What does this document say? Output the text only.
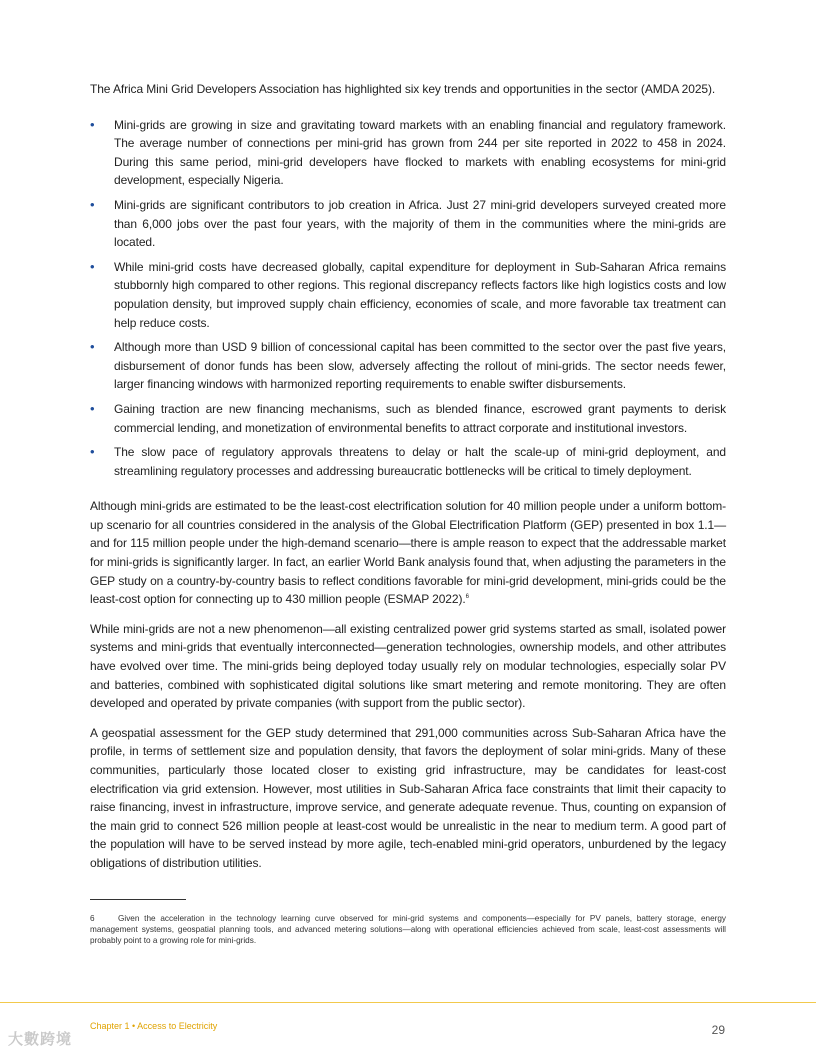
The Africa Mini Grid Developers Association has highlighted six key trends and opportunities in the sector (AMDA 2025).

• Mini-grids are growing in size and gravitating toward markets with an enabling financial and regulatory framework. The average number of connections per mini-grid has grown from 244 per site reported in 2022 to 458 in 2024. During this same period, mini-grid developers have flocked to markets with enabling ecosystems for mini-grid development, especially Nigeria.
• Mini-grids are significant contributors to job creation in Africa. Just 27 mini-grid developers surveyed created more than 6,000 jobs over the past four years, with the majority of them in the communities where the mini-grids are located.
• While mini-grid costs have decreased globally, capital expenditure for deployment in Sub-Saharan Africa remains stubbornly high compared to other regions. This regional discrepancy reflects factors like high logistics costs and low population density, but improved supply chain efficiency, economies of scale, and more favorable tax treatment can help reduce costs.
• Although more than USD 9 billion of concessional capital has been committed to the sector over the past five years, disbursement of donor funds has been slow, adversely affecting the rollout of mini-grids. The sector needs fewer, larger financing windows with harmonized reporting requirements to enable swifter disbursements.
• Gaining traction are new financing mechanisms, such as blended finance, escrowed grant payments to derisk commercial lending, and monetization of environmental benefits to attract corporate and institutional investors.
• The slow pace of regulatory approvals threatens to delay or halt the scale-up of mini-grid deployment, and streamlining regulatory processes and addressing bureaucratic bottlenecks will be critical to timely deployment.

Although mini-grids are estimated to be the least-cost electrification solution for 40 million people under a uniform bottom-up scenario for all countries considered in the analysis of the Global Electrification Platform (GEP) presented in box 1.1—and for 115 million people under the high-demand scenario—there is ample reason to expect that the addressable market for mini-grids is significantly larger. In fact, an earlier World Bank analysis found that, when adjusting the parameters in the GEP study on a country-by-country basis to reflect conditions favorable for mini-grid development, mini-grids could be the least-cost option for connecting up to 430 million people (ESMAP 2022).$^6$

While mini-grids are not a new phenomenon—all existing centralized power grid systems started as small, isolated power systems and mini-grids that eventually interconnected—generation technologies, ownership models, and other attributes have evolved over time. The mini-grids being deployed today usually rely on modular technologies, especially solar PV and batteries, combined with sophisticated digital solutions like smart metering and remote monitoring. They are often developed and operated by private companies (with support from the public sector).

A geospatial assessment for the GEP study determined that 291,000 communities across Sub-Saharan Africa have the profile, in terms of settlement size and population density, that favors the deployment of solar mini-grids. Many of these communities, particularly those located closer to existing grid infrastructure, may be candidates for least-cost electrification via grid extension. However, most utilities in Sub-Saharan Africa face constraints that limit their capacity to raise financing, invest in infrastructure, improve service, and generate adequate revenue. Thus, counting on expansion of the main grid to connect 526 million people at least-cost would be unrealistic in the near to medium term. A good part of the population will have to be served instead by more agile, tech-enabled mini-grid operators, unburdened by the legacy obligations of distribution utilities.

6	Given the acceleration in the technology learning curve observed for mini-grid systems and components—especially for PV panels, battery storage, energy management systems, geospatial planning tools, and advanced metering solutions—along with operational efficiencies achieved from scale, least-cost assessments will probably point to a growing role for mini-grids.
Chapter 1 • Access to Electricity	29
大數跨境
